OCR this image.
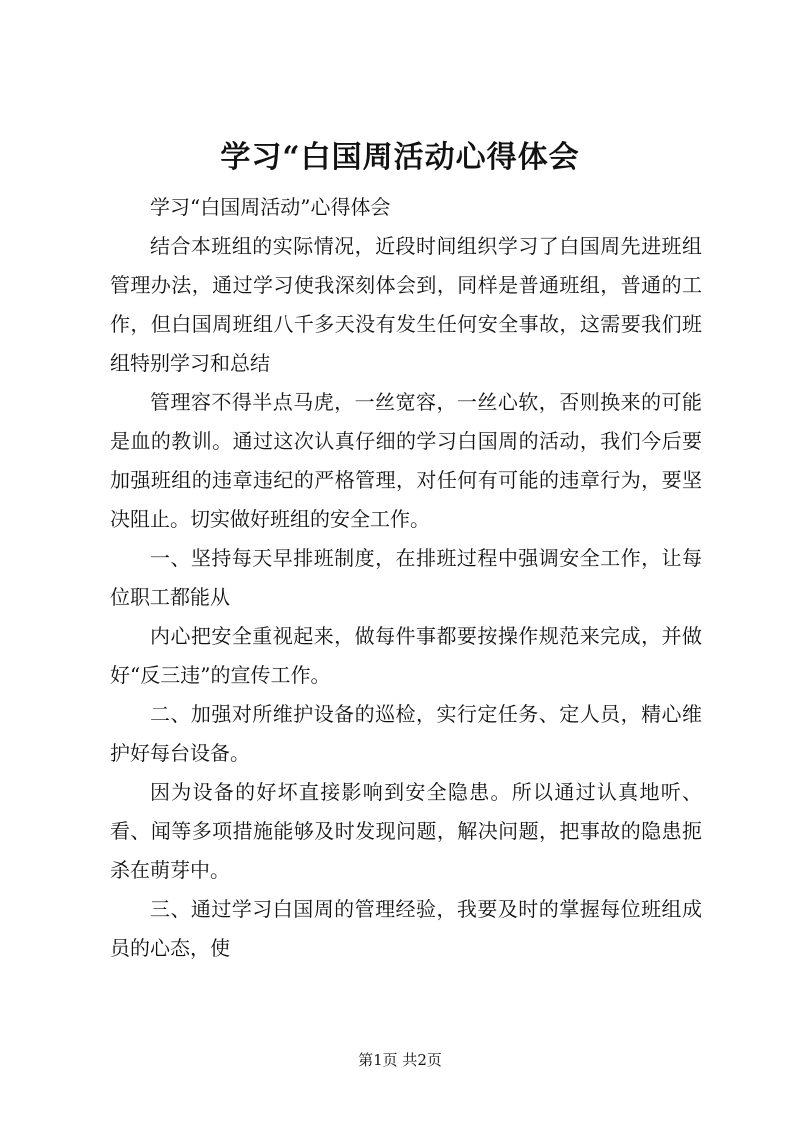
学习“白国周活动心得体会

学习“白国周活动”心得体会

结合本班组的实际情况，近段时间组织学习了白国周先进班组管理办法，通过学习使我深刻体会到，同样是普通班组，普通的工作，但白国周班组八千多天没有发生任何安全事故，这需要我们班组特别学习和总结

管理容不得半点马虎，一丝宽容，一丝心软，否则换来的可能是血的教训。通过这次认真仔细的学习白国周的活动，我们今后要加强班组的违章违纪的严格管理，对任何有可能的违章行为，要坚决阻止。切实做好班组的安全工作。

一、坚持每天早排班制度，在排班过程中强调安全工作，让每位职工都能从

内心把安全重视起来，做每件事都要按操作规范来完成，并做好“反三违”的宣传工作。

二、加强对所维护设备的巡检，实行定任务、定人员，精心维护好每台设备。

因为设备的好坏直接影响到安全隐患。所以通过认真地听、看、闻等多项措施能够及时发现问题，解决问题，把事故的隐患扼杀在萌芽中。

三、通过学习白国周的管理经验，我要及时的掌握每位班组成员的心态，使

第1页 共2页
